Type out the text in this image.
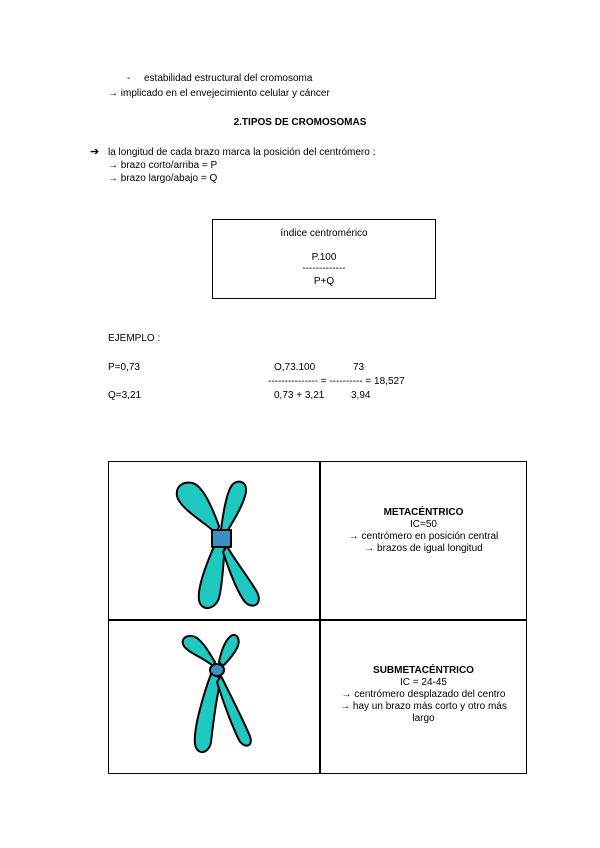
- estabilidad estructural del cromosoma
→ implicado en el envejecimiento celular y cáncer
2.TIPOS DE CROMOSOMAS
➔ la longitud de cada brazo marca la posición del centrómero :
→ brazo corto/arriba = P
→ brazo largo/abajo = Q
índice centromérico
P.100
-------------
P+Q
EJEMPLO :
P=0,73
Q=3,21
O,73.100	73
--------------- = ---------- = 18,527
0,73 + 3,21	3,94
METACÉNTRICO
IC=50
→ centrómero en posición central
→ brazos de igual longitud
SUBMETACÉNTRICO
IC = 24-45
→ centrómero desplazado del centro
→ hay un brazo más corto y otro más
largo
